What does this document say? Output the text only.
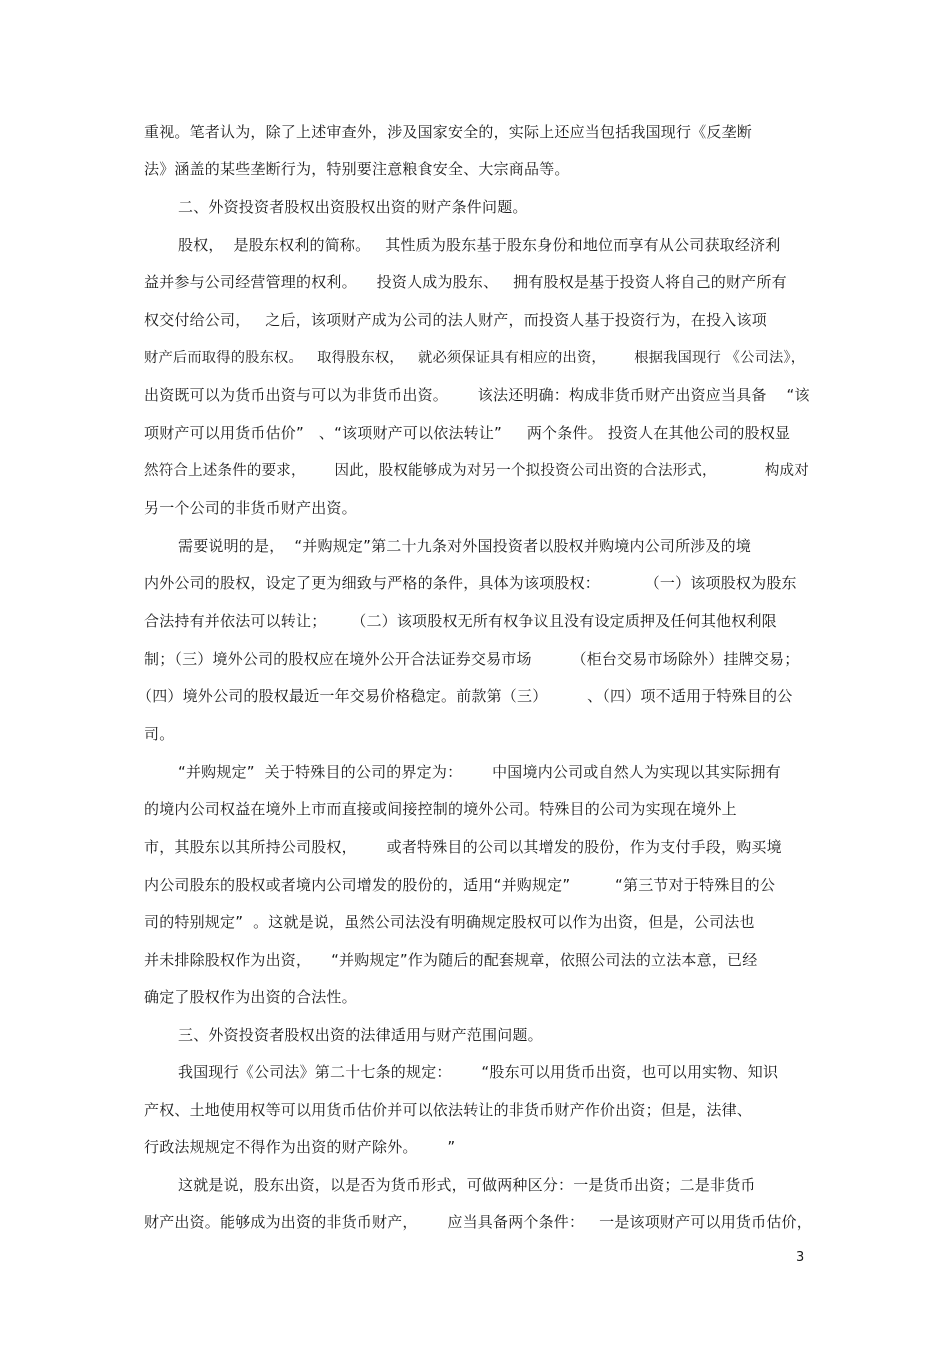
重视。笔者认为，除了上述审查外，涉及国家安全的，实际上还应当包括我国现行《反垄断
法》涵盖的某些垄断行为，特别要注意粮食安全、大宗商品等。
二、外资投资者股权出资股权出资的财产条件问题。
股权，  是股东权利的简称。   其性质为股东基于股东身份和地位而享有从公司获取经济利
益并参与公司经营管理的权利。    投资人成为股东、   拥有股权是基于投资人将自己的财产所有
权交付给公司，   之后，该项财产成为公司的法人财产，而投资人基于投资行为，在投入该项
财产后而取得的股东权。   取得股东权，   就必须保证具有相应的出资，      根据我国现行 《公司法》，
出资既可以为货币出资与可以为非货币出资。      该法还明确：构成非货币财产出资应当具备    “该
项财产可以用货币估价”   、“该项财产可以依法转让”     两个条件。 投资人在其他公司的股权显
然符合上述条件的要求，      因此，股权能够成为对另一个拟投资公司出资的合法形式，          构成对
另一个公司的非货币财产出资。
需要说明的是，  “并购规定”第二十九条对外国投资者以股权并购境内公司所涉及的境
内外公司的股权，设定了更为细致与严格的条件，具体为该项股权：         （一）该项股权为股东
合法持有并依法可以转让；     （二）该项股权无所有权争议且没有设定质押及任何其他权利限
制；（三）境外公司的股权应在境外公开合法证券交易市场        （柜台交易市场除外）挂牌交易；
（四）境外公司的股权最近一年交易价格稳定。前款第（三）        、（四）项不适用于特殊目的公
司。
“并购规定”  关于特殊目的公司的界定为：      中国境内公司或自然人为实现以其实际拥有
的境内公司权益在境外上市而直接或间接控制的境外公司。特殊目的公司为实现在境外上
市，其股东以其所持公司股权，      或者特殊目的公司以其增发的股份，作为支付手段，购买境
内公司股东的股权或者境内公司增发的股份的，适用“并购规定”         “第三节对于特殊目的公
司的特别规定”  。这就是说，虽然公司法没有明确规定股权可以作为出资，但是，公司法也
并未排除股权作为出资，    “并购规定”作为随后的配套规章，依照公司法的立法本意，已经
确定了股权作为出资的合法性。
三、外资投资者股权出资的法律适用与财产范围问题。
我国现行《公司法》第二十七条的规定：      “股东可以用货币出资，也可以用实物、知识
产权、土地使用权等可以用货币估价并可以依法转让的非货币财产作价出资；但是，法律、
行政法规规定不得作为出资的财产除外。      ”
这就是说，股东出资，以是否为货币形式，可做两种区分：一是货币出资；二是非货币
财产出资。能够成为出资的非货币财产，      应当具备两个条件：   一是该项财产可以用货币估价，
3
